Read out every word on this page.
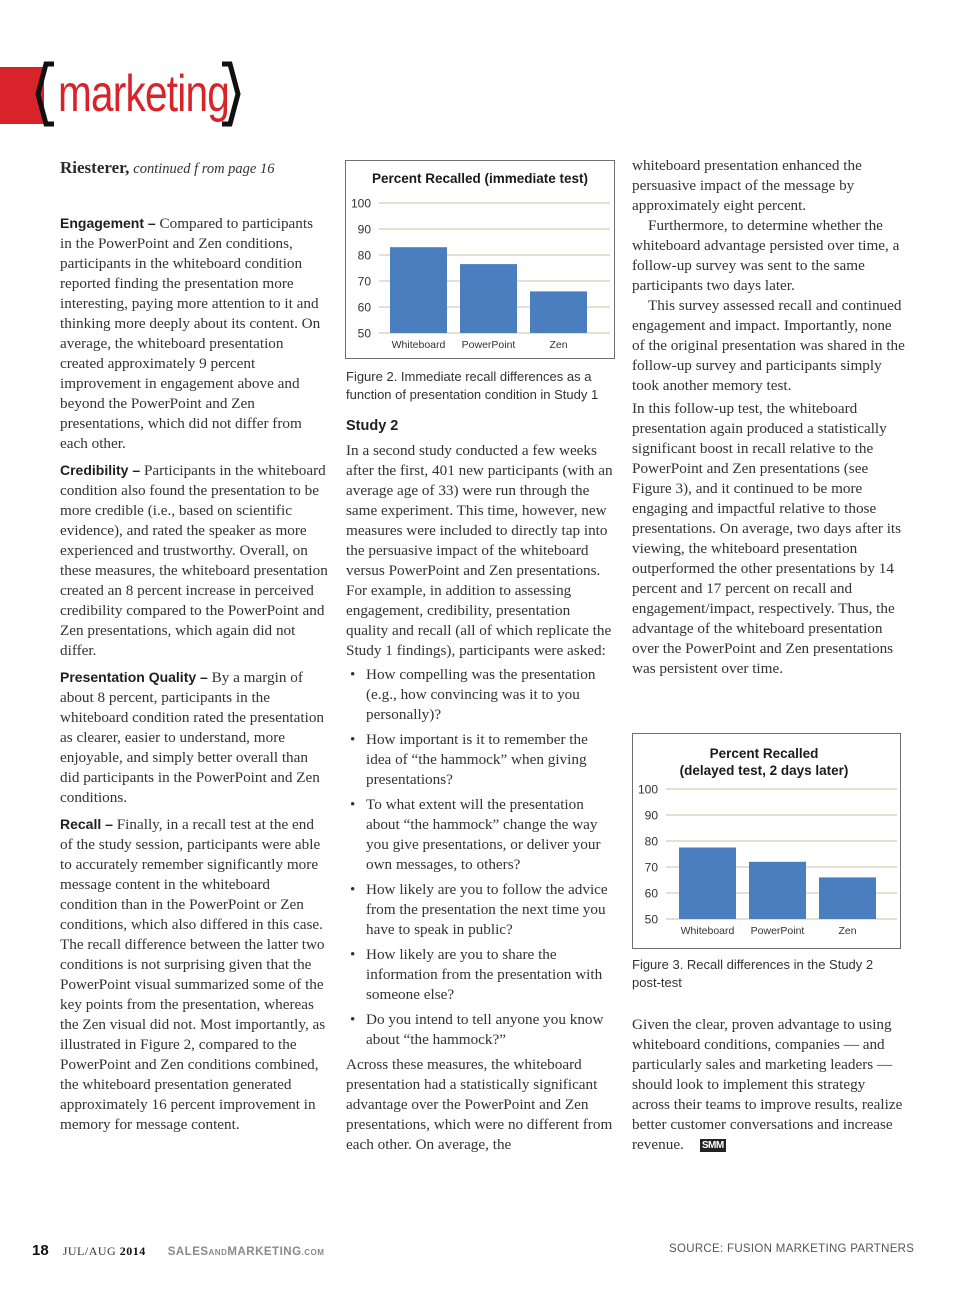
marketing
Riesterer, continued f rom page 16

Engagement – Compared to participants in the PowerPoint and Zen conditions, participants in the whiteboard condition reported finding the presentation more interesting, paying more attention to it and thinking more deeply about its content. On average, the whiteboard presentation created approximately 9 percent improvement in engagement above and beyond the PowerPoint and Zen presentations, which did not differ from each other.

Credibility – Participants in the whiteboard condition also found the presentation to be more credible (i.e., based on scientific evidence), and rated the speaker as more experienced and trustworthy. Overall, on these measures, the whiteboard presentation created an 8 percent increase in perceived credibility compared to the PowerPoint and Zen presentations, which again did not differ.

Presentation Quality – By a margin of about 8 percent, participants in the whiteboard condition rated the presentation as clearer, easier to understand, more enjoyable, and simply better overall than did participants in the PowerPoint and Zen conditions.

Recall – Finally, in a recall test at the end of the study session, participants were able to accurately remember significantly more message content in the whiteboard condition than in the PowerPoint or Zen conditions, which also differed in this case. The recall difference between the latter two conditions is not surprising given that the PowerPoint visual summarized some of the key points from the presentation, whereas the Zen visual did not. Most importantly, as illustrated in Figure 2, compared to the PowerPoint and Zen conditions combined, the whiteboard presentation generated approximately 16 percent improvement in memory for message content.

Percent Recalled (immediate test)
50
60
70
80
90
100
Whiteboard PowerPoint	Zen
Figure 2. Immediate recall differences as a function of presentation condition in Study 1
Study 2

In a second study conducted a few weeks after the first, 401 new participants (with an average age of 33) were run through the same experiment. This time, however, new measures were included to directly tap into the persuasive impact of the whiteboard versus PowerPoint and Zen presentations. For example, in addition to assessing engagement, credibility, presentation quality and recall (all of which replicate the Study 1 findings), participants were asked:

• How compelling was the presentation (e.g., how convincing was it to you personally)?
• How important is it to remember the idea of “the hammock” when giving presentations?
• To what extent will the presentation about “the hammock” change the way you give presentations, or deliver your own messages, to others?
• How likely are you to follow the advice from the presentation the next time you have to speak in public?
• How likely are you to share the information from the presentation with someone else?
• Do you intend to tell anyone you know about “the hammock?”

Across these measures, the whiteboard presentation had a statistically significant advantage over the PowerPoint and Zen presentations, which were no different from each other. On average, the

whiteboard presentation enhanced the persuasive impact of the message by approximately eight percent.

Furthermore, to determine whether the whiteboard advantage persisted over time, a follow-up survey was sent to the same participants two days later.

This survey assessed recall and continued engagement and impact. Importantly, none of the original presentation was shared in the follow-up survey and participants simply took another memory test.

In this follow-up test, the whiteboard presentation again produced a statistically significant boost in recall relative to the PowerPoint and Zen presentations (see Figure 3), and it continued to be more engaging and impactful relative to those presentations. On average, two days after its viewing, the whiteboard presentation outperformed the other presentations by 14 percent and 17 percent on recall and engagement/impact, respectively. Thus, the advantage of the whiteboard presentation over the PowerPoint and Zen presentations was persistent over time.

Percent Recalled
(delayed test, 2 days later)
50
60
70
80
90
100
Whiteboard PowerPoint	Zen
Figure 3. Recall differences in the Study 2 post-test

Given the clear, proven advantage to using whiteboard conditions, companies — and particularly sales and marketing leaders — should look to implement this strategy across their teams to improve results, realize better customer conversations and increase revenue. SMM

18 JUL/AUG 2014 SALESANDMARKETING.COM	SOURCE: FUSION MARKETING PARTNERS
